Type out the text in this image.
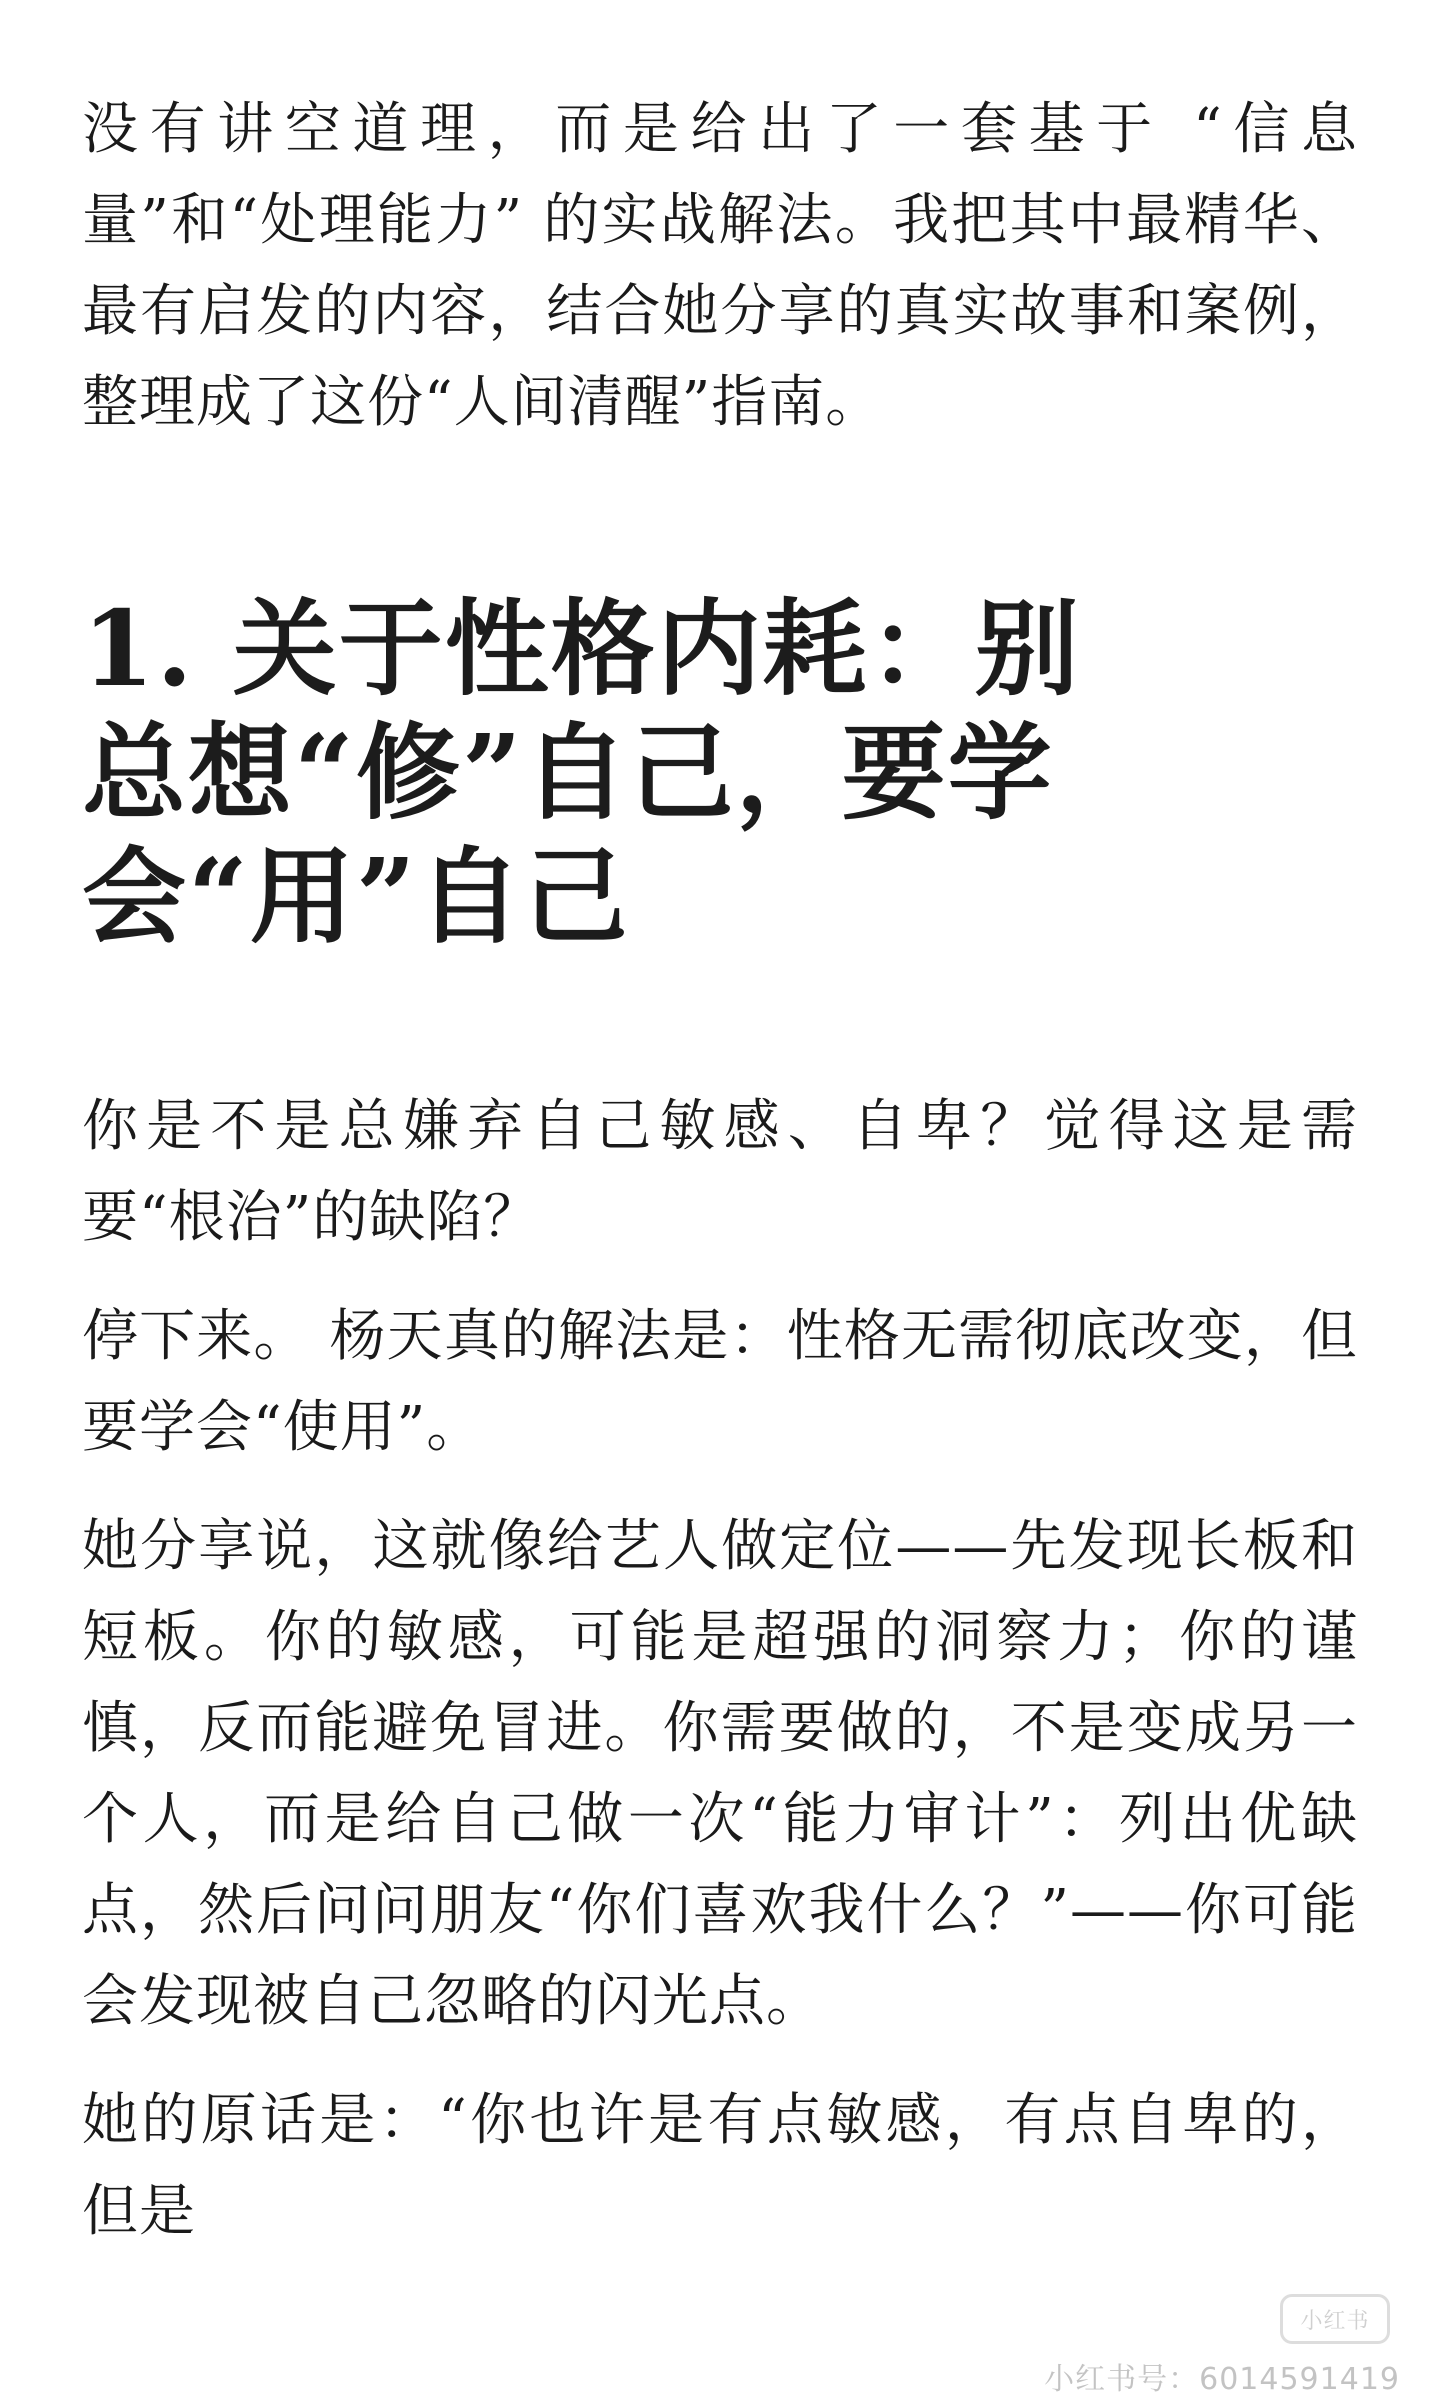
没有讲空道理，而是给出了一套基于 “信息量”和“处理能力” 的实战解法。我把其中最精华、最有启发的内容，结合她分享的真实故事和案例，整理成了这份“人间清醒”指南。

1. 关于性格内耗：别总想“修”自己，要学会“用”自己

你是不是总嫌弃自己敏感、自卑？觉得这是需要“根治”的缺陷？

停下来。 杨天真的解法是：性格无需彻底改变，但要学会“使用”。

她分享说，这就像给艺人做定位——先发现长板和短板。你的敏感，可能是超强的洞察力；你的谨慎，反而能避免冒进。你需要做的，不是变成另一个人，而是给自己做一次“能力审计”：列出优缺点，然后问问朋友“你们喜欢我什么？”——你可能会发现被自己忽略的闪光点。

她的原话是：“你也许是有点敏感，有点自卑的，但是

小红书
小红书号：6014591419
